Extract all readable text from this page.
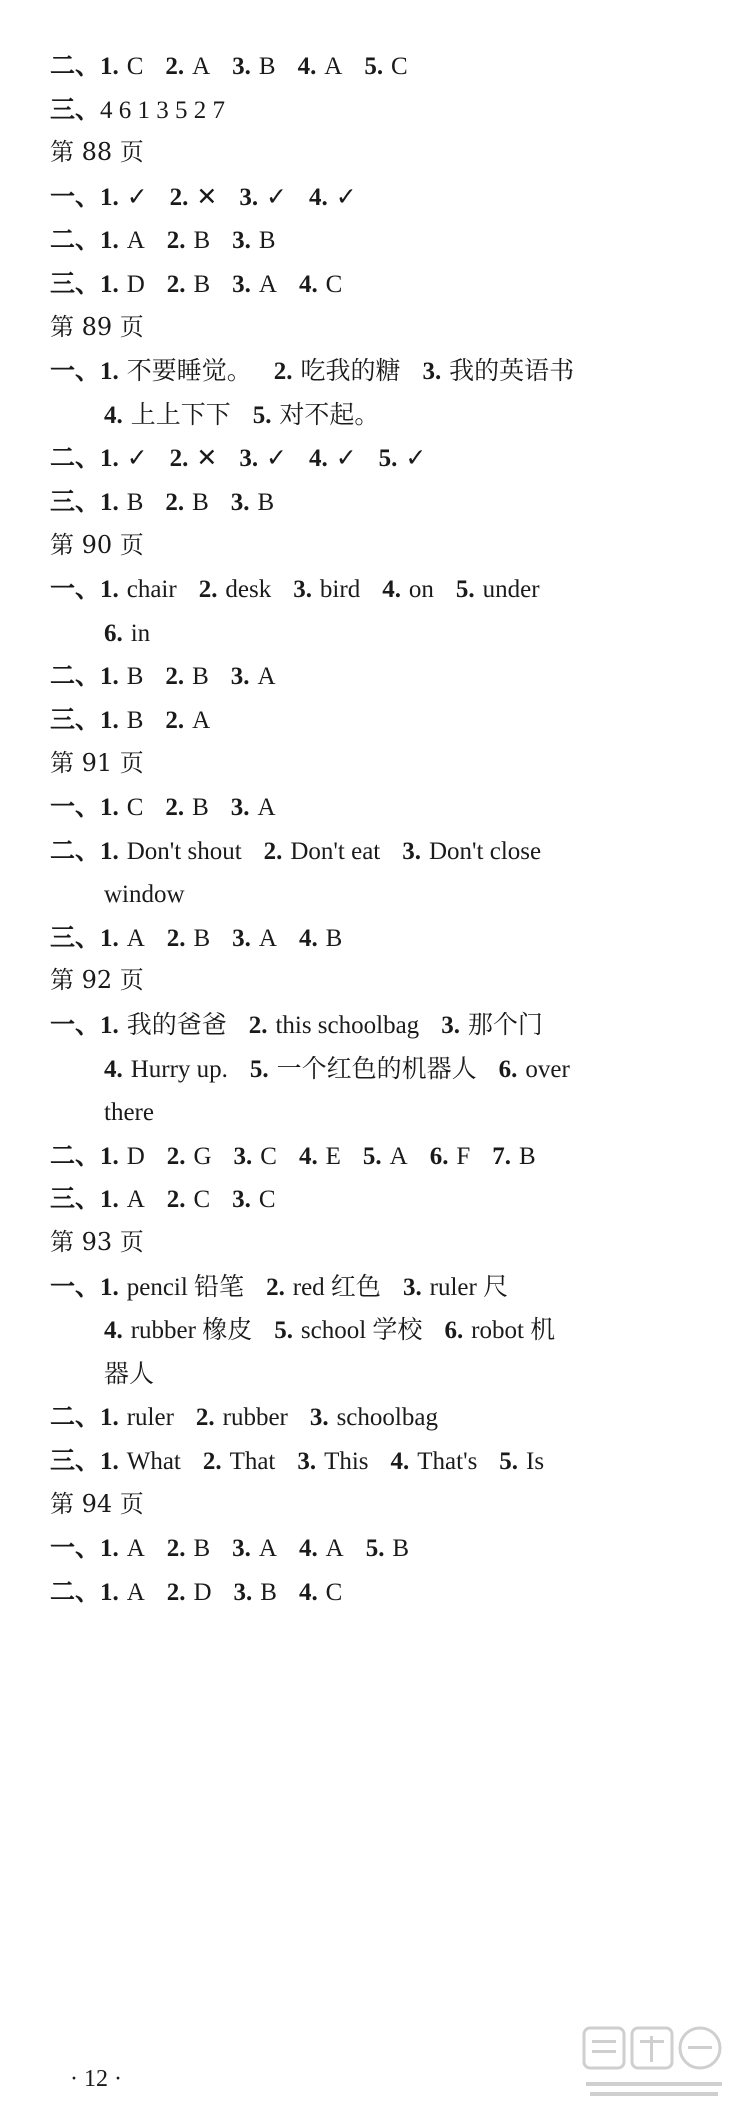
二、1. C 2. A 3. B 4. A 5. C
三、4 6 1 3 5 2 7
第 88 页
一、1. ✓ 2. ✕ 3. ✓ 4. ✓
二、1. A 2. B 3. B
三、1. D 2. B 3. A 4. C
第 89 页
一、1. 不要睡觉。 2. 吃我的糖 3. 我的英语书
4. 上上下下 5. 对不起。
二、1. ✓ 2. ✕ 3. ✓ 4. ✓ 5. ✓
三、1. B 2. B 3. B
第 90 页
一、1. chair 2. desk 3. bird 4. on 5. under
6. in
二、1. B 2. B 3. A
三、1. B 2. A
第 91 页
一、1. C 2. B 3. A
二、1. Don't shout 2. Don't eat 3. Don't close
window
三、1. A 2. B 3. A 4. B
第 92 页
一、1. 我的爸爸 2. this schoolbag 3. 那个门
4. Hurry up. 5. 一个红色的机器人 6. over
there
二、1. D 2. G 3. C 4. E 5. A 6. F 7. B
三、1. A 2. C 3. C
第 93 页
一、1. pencil 铅笔 2. red 红色 3. ruler 尺
4. rubber 橡皮 5. school 学校 6. robot 机
器人
二、1. ruler 2. rubber 3. schoolbag
三、1. What 2. That 3. This 4. That's 5. Is
第 94 页
一、1. A 2. B 3. A 4. A 5. B
二、1. A 2. D 3. B 4. C
· 12 ·
